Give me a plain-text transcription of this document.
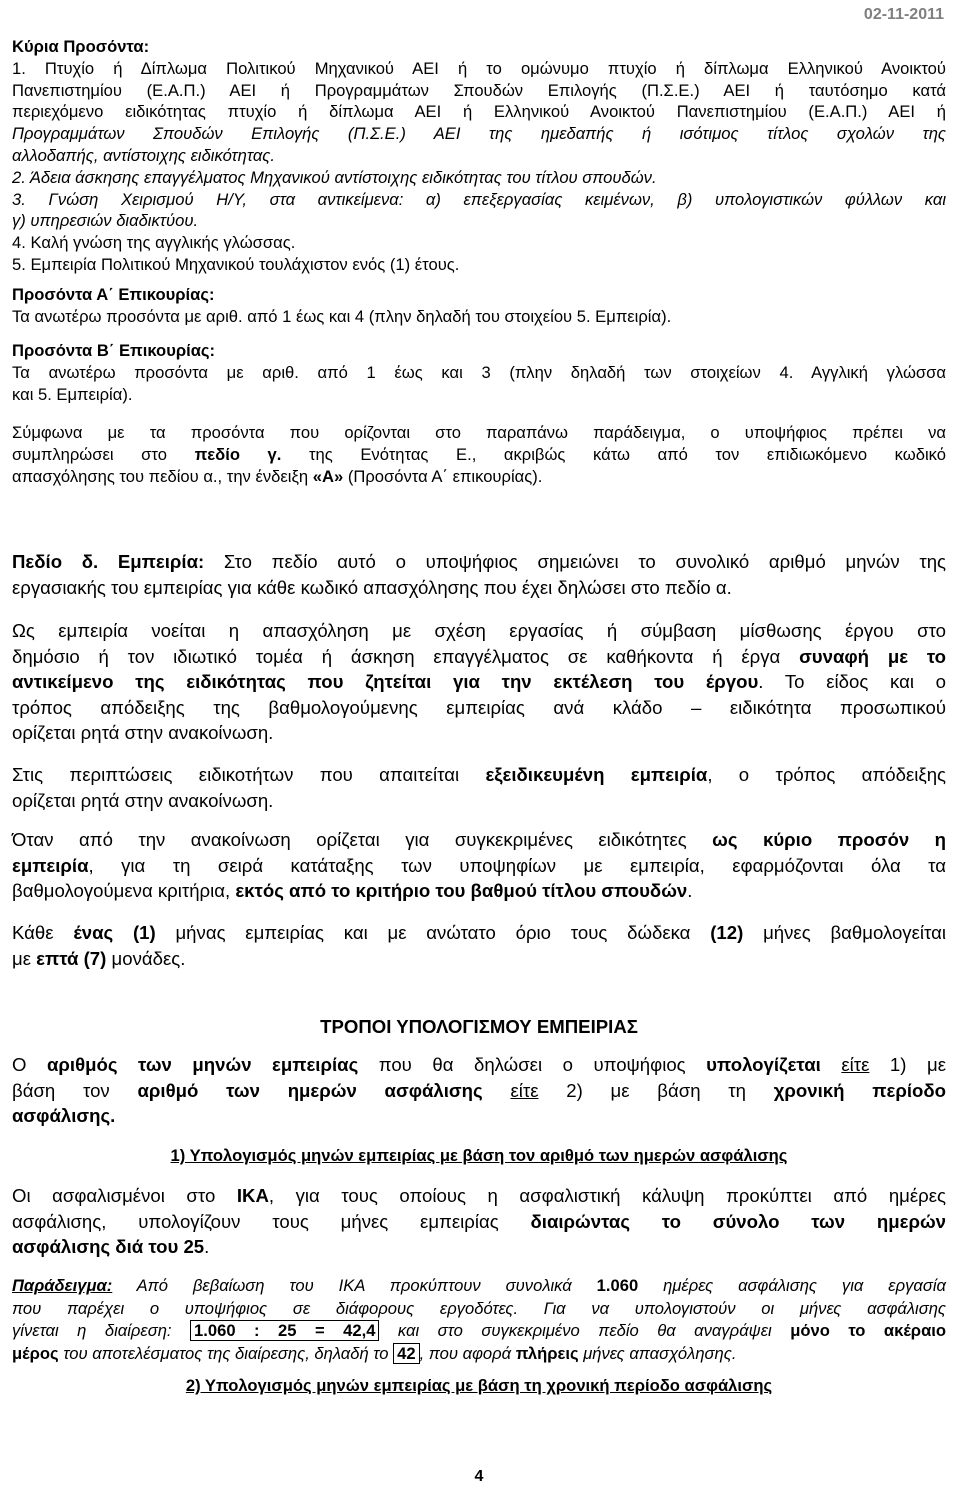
02-11-2011
Κύρια Προσόντα:
1. Πτυχίο ή Δίπλωμα Πολιτικού Μηχανικού ΑΕΙ ή το ομώνυμο πτυχίο ή δίπλωμα Ελληνικού Ανοικτού
Πανεπιστημίου (Ε.Α.Π.) ΑΕΙ ή Προγραμμάτων Σπουδών Επιλογής (Π.Σ.Ε.) ΑΕΙ ή ταυτόσημο κατά
περιεχόμενο ειδικότητας πτυχίο ή δίπλωμα ΑΕΙ ή Ελληνικού Ανοικτού Πανεπιστημίου (Ε.Α.Π.) ΑΕΙ ή
Προγραμμάτων Σπουδών Επιλογής (Π.Σ.Ε.) ΑΕΙ της ημεδαπής ή ισότιμος τίτλος σχολών της
αλλοδαπής, αντίστοιχης ειδικότητας.
2. Άδεια άσκησης επαγγέλματος Μηχανικού αντίστοιχης ειδικότητας του τίτλου σπουδών.
3. Γνώση Χειρισμού Η/Υ, στα αντικείμενα: α) επεξεργασίας κειμένων, β) υπολογιστικών φύλλων και
γ) υπηρεσιών διαδικτύου.
4. Καλή γνώση της αγγλικής γλώσσας.
5. Εμπειρία Πολιτικού Μηχανικού τουλάχιστον ενός (1) έτους.
Προσόντα Α΄ Επικουρίας:
Τα ανωτέρω προσόντα με αριθ. από 1 έως και 4 (πλην δηλαδή του στοιχείου 5. Εμπειρία).
Προσόντα Β΄ Επικουρίας:
Τα ανωτέρω προσόντα με αριθ. από 1 έως και 3 (πλην δηλαδή των στοιχείων 4. Αγγλική γλώσσα
και 5. Εμπειρία).
Σύμφωνα με τα προσόντα που ορίζονται στο παραπάνω παράδειγμα, ο υποψήφιος πρέπει να
συμπληρώσει στο πεδίο γ. της Ενότητας Ε., ακριβώς κάτω από τον επιδιωκόμενο κωδικό
απασχόλησης του πεδίου α., την ένδειξη «Α» (Προσόντα Α΄ επικουρίας).
Πεδίο δ. Εμπειρία: Στο πεδίο αυτό ο υποψήφιος σημειώνει το συνολικό αριθμό μηνών της
εργασιακής του εμπειρίας για κάθε κωδικό απασχόλησης που έχει δηλώσει στο πεδίο α.
Ως εμπειρία νοείται η απασχόληση με σχέση εργασίας ή σύμβαση μίσθωσης έργου στο
δημόσιο ή τον ιδιωτικό τομέα ή άσκηση επαγγέλματος σε καθήκοντα ή έργα συναφή με το
αντικείμενο της ειδικότητας που ζητείται για την εκτέλεση του έργου. Το είδος και ο
τρόπος απόδειξης της βαθμολογούμενης εμπειρίας ανά κλάδο – ειδικότητα προσωπικού
ορίζεται ρητά στην ανακοίνωση.
Στις περιπτώσεις ειδικοτήτων που απαιτείται εξειδικευμένη εμπειρία, ο τρόπος απόδειξης
ορίζεται ρητά στην ανακοίνωση.
Όταν από την ανακοίνωση ορίζεται για συγκεκριμένες ειδικότητες ως κύριο προσόν η
εμπειρία, για τη σειρά κατάταξης των υποψηφίων με εμπειρία, εφαρμόζονται όλα τα
βαθμολογούμενα κριτήρια, εκτός από το κριτήριο του βαθμού τίτλου σπουδών.
Κάθε ένας (1) μήνας εμπειρίας και με ανώτατο όριο τους δώδεκα (12) μήνες βαθμολογείται
με επτά (7) μονάδες.
ΤΡΟΠΟΙ ΥΠΟΛΟΓΙΣΜΟΥ ΕΜΠΕΙΡΙΑΣ
Ο αριθμός των μηνών εμπειρίας που θα δηλώσει ο υποψήφιος υπολογίζεται είτε 1) με
βάση τον αριθμό των ημερών ασφάλισης είτε 2) με βάση τη χρονική περίοδο
ασφάλισης.
1) Υπολογισμός μηνών εμπειρίας με βάση τον αριθμό των ημερών ασφάλισης
Οι ασφαλισμένοι στο ΙΚΑ, για τους οποίους η ασφαλιστική κάλυψη προκύπτει από ημέρες
ασφάλισης, υπολογίζουν τους μήνες εμπειρίας διαιρώντας το σύνολο των ημερών
ασφάλισης διά του 25.
Παράδειγμα: Από βεβαίωση του ΙΚΑ προκύπτουν συνολικά 1.060 ημέρες ασφάλισης για εργασία
που παρέχει ο υποψήφιος σε διάφορους εργοδότες. Για να υπολογιστούν οι μήνες ασφάλισης
γίνεται η διαίρεση: 1.060 : 25 = 42,4 και στο συγκεκριμένο πεδίο θα αναγράψει μόνο το ακέραιο
μέρος του αποτελέσματος της διαίρεσης, δηλαδή το 42 , που αφορά πλήρεις μήνες απασχόλησης.
2) Υπολογισμός μηνών εμπειρίας με βάση τη χρονική περίοδο ασφάλισης
4
